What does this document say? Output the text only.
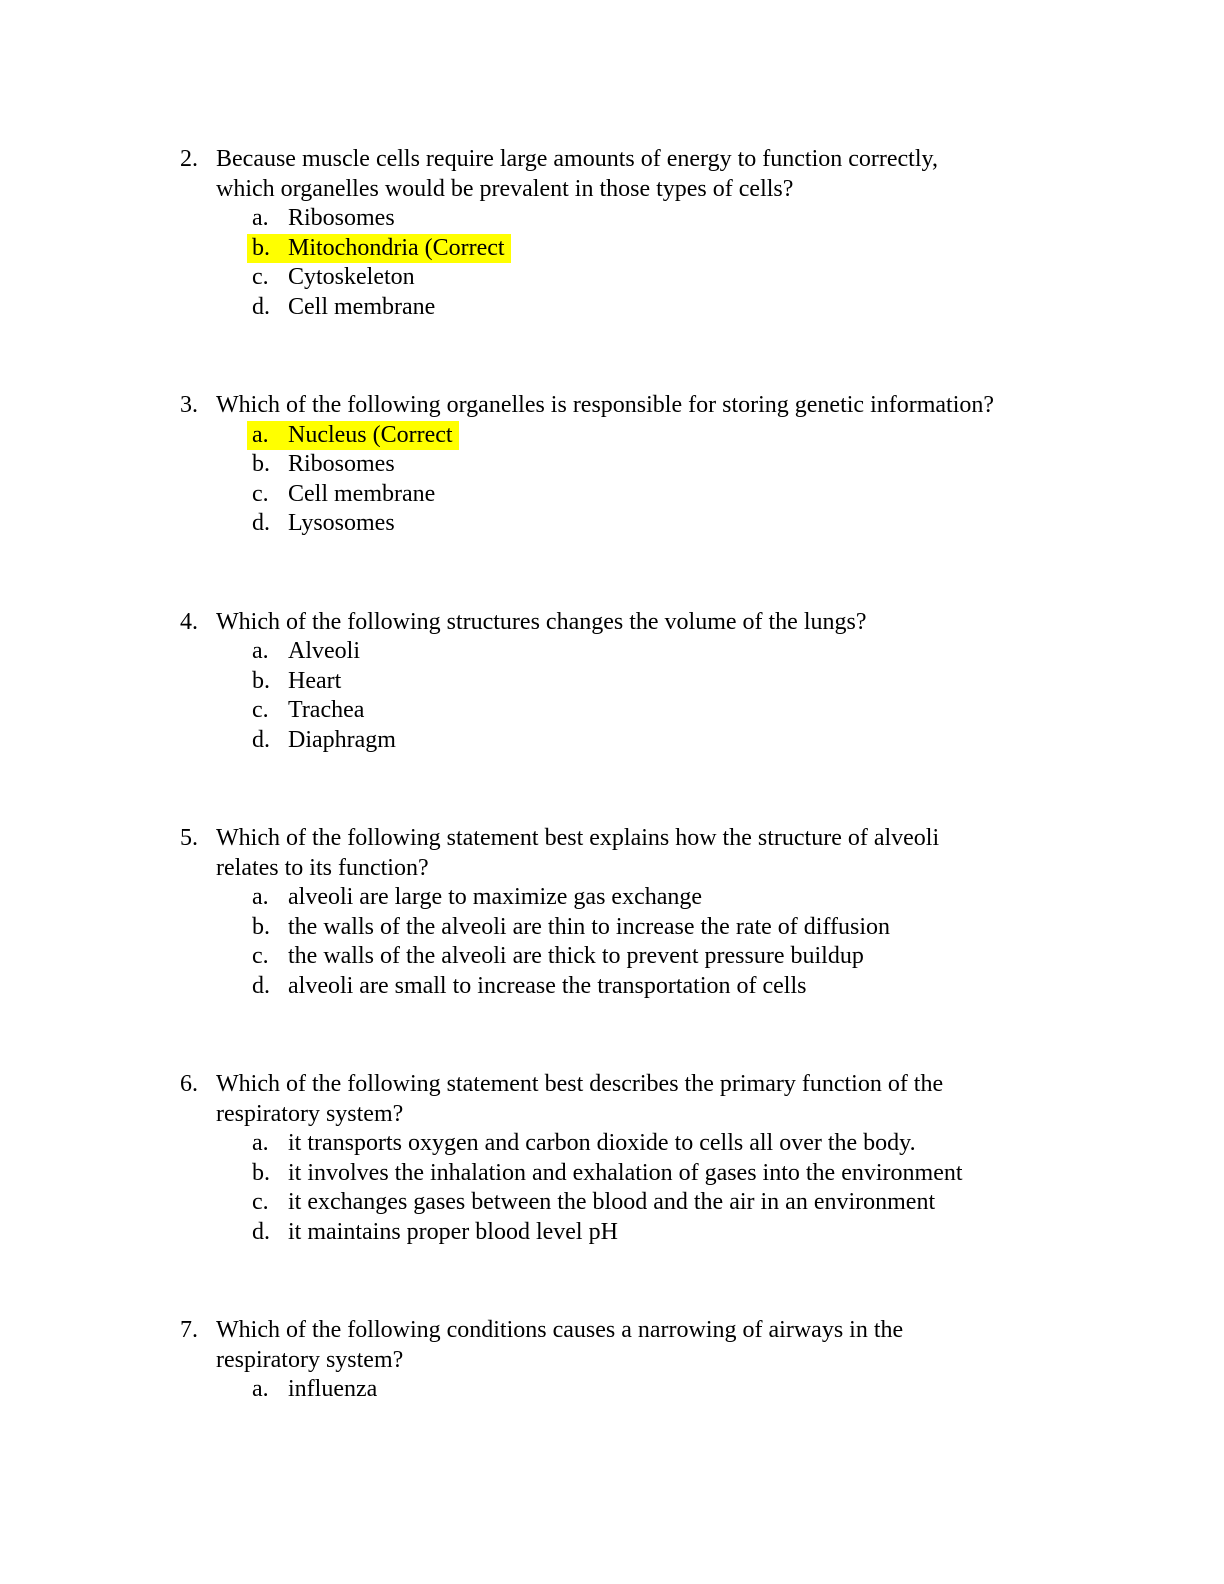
2. Because muscle cells require large amounts of energy to function correctly,
which organelles would be prevalent in those types of cells?
a. Ribosomes
b. Mitochondria (Correct
c. Cytoskeleton
d. Cell membrane
3. Which of the following organelles is responsible for storing genetic information?
a. Nucleus (Correct
b. Ribosomes
c. Cell membrane
d. Lysosomes
4. Which of the following structures changes the volume of the lungs?
a. Alveoli
b. Heart
c. Trachea
d. Diaphragm
5. Which of the following statement best explains how the structure of alveoli
relates to its function?
a. alveoli are large to maximize gas exchange
b. the walls of the alveoli are thin to increase the rate of diffusion
c. the walls of the alveoli are thick to prevent pressure buildup
d. alveoli are small to increase the transportation of cells
6. Which of the following statement best describes the primary function of the
respiratory system?
a. it transports oxygen and carbon dioxide to cells all over the body.
b. it involves the inhalation and exhalation of gases into the environment
c. it exchanges gases between the blood and the air in an environment
d. it maintains proper blood level pH
7. Which of the following conditions causes a narrowing of airways in the
respiratory system?
a. influenza
